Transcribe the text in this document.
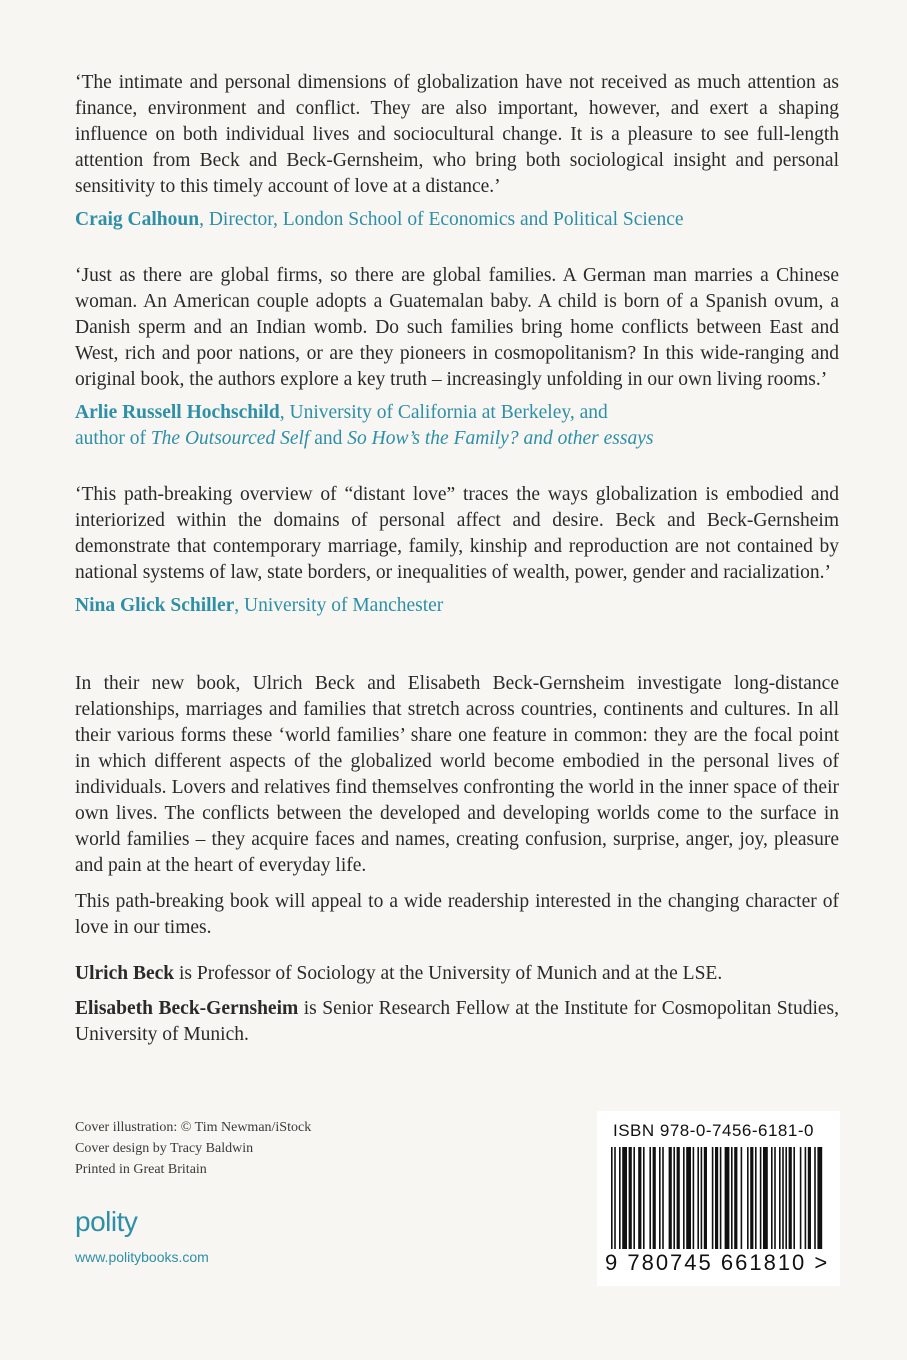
‘The intimate and personal dimensions of globalization have not received as much attention as finance, environment and conflict. They are also important, however, and exert a shaping influence on both individual lives and sociocultural change. It is a pleasure to see full-length attention from Beck and Beck-Gernsheim, who bring both sociological insight and personal sensitivity to this timely account of love at a distance.’

Craig Calhoun, Director, London School of Economics and Political Science

‘Just as there are global firms, so there are global families. A German man marries a Chinese woman. An American couple adopts a Guatemalan baby. A child is born of a Spanish ovum, a Danish sperm and an Indian womb. Do such families bring home conflicts between East and West, rich and poor nations, or are they pioneers in cosmopolitanism? In this wide-ranging and original book, the authors explore a key truth – increasingly unfolding in our own living rooms.’

Arlie Russell Hochschild, University of California at Berkeley, and
author of The Outsourced Self and So How’s the Family? and other essays

‘This path-breaking overview of “distant love” traces the ways globalization is embodied and interiorized within the domains of personal affect and desire. Beck and Beck-Gernsheim demonstrate that contemporary marriage, family, kinship and reproduction are not contained by national systems of law, state borders, or inequalities of wealth, power, gender and racialization.’

Nina Glick Schiller, University of Manchester

In their new book, Ulrich Beck and Elisabeth Beck-Gernsheim investigate long-distance relationships, marriages and families that stretch across countries, continents and cultures. In all their various forms these ‘world families’ share one feature in common: they are the focal point in which different aspects of the globalized world become embodied in the personal lives of individuals. Lovers and relatives find themselves confronting the world in the inner space of their own lives. The conflicts between the developed and developing worlds come to the surface in world families – they acquire faces and names, creating confusion, surprise, anger, joy, pleasure and pain at the heart of everyday life.

This path-breaking book will appeal to a wide readership interested in the changing character of love in our times.

Ulrich Beck is Professor of Sociology at the University of Munich and at the LSE.

Elisabeth Beck-Gernsheim is Senior Research Fellow at the Institute for Cosmopolitan Studies, University of Munich.

Cover illustration: © Tim Newman/iStock
Cover design by Tracy Baldwin
Printed in Great Britain
polity
www.politybooks.com
ISBN 978-0-7456-6181-0
9 780745 661810 >
